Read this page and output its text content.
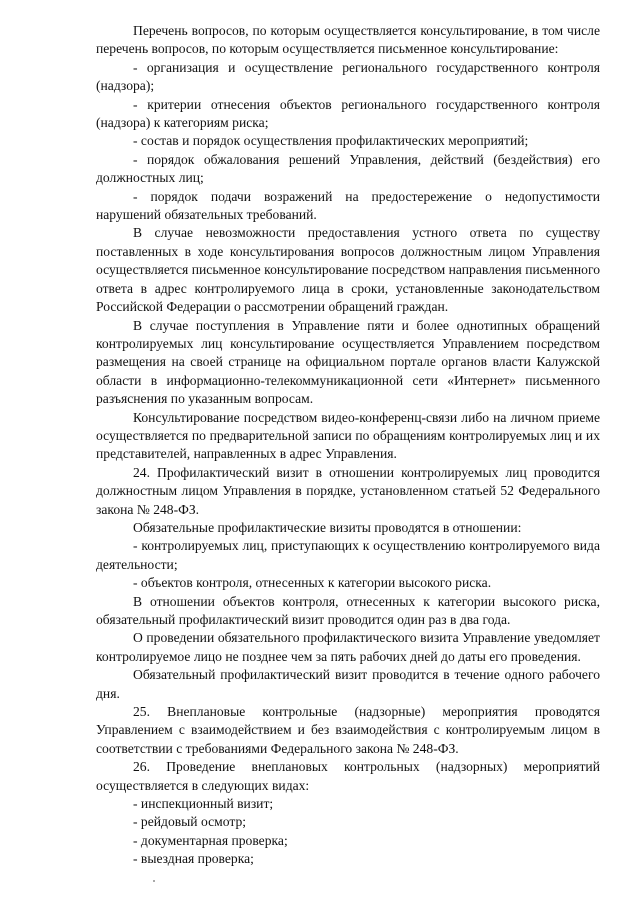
Перечень вопросов, по которым осуществляется консультирование, в том числе перечень вопросов, по которым осуществляется письменное консультирование:

- организация и осуществление регионального государственного контроля (надзора);

- критерии отнесения объектов регионального государственного контроля (надзора) к категориям риска;

- состав и порядок осуществления профилактических мероприятий;

- порядок обжалования решений Управления, действий (бездействия) его должностных лиц;

- порядок подачи возражений на предостережение о недопустимости нарушений обязательных требований.

В случае невозможности предоставления устного ответа по существу поставленных в ходе консультирования вопросов должностным лицом Управления осуществляется письменное консультирование посредством направления письменного ответа в адрес контролируемого лица в сроки, установленные законодательством Российской Федерации о рассмотрении обращений граждан.

В случае поступления в Управление пяти и более однотипных обращений контролируемых лиц консультирование осуществляется Управлением посредством размещения на своей странице на официальном портале органов власти Калужской области в информационно-телекоммуникационной сети «Интернет» письменного разъяснения по указанным вопросам.

Консультирование посредством видео-конференц-связи либо на личном приеме осуществляется по предварительной записи по обращениям контролируемых лиц и их представителей, направленных в адрес Управления.

24. Профилактический визит в отношении контролируемых лиц проводится должностным лицом Управления в порядке, установленном статьей 52 Федерального закона № 248-ФЗ.

Обязательные профилактические визиты проводятся в отношении:

- контролируемых лиц, приступающих к осуществлению контролируемого вида деятельности;

- объектов контроля, отнесенных к категории высокого риска.

В отношении объектов контроля, отнесенных к категории высокого риска, обязательный профилактический визит проводится один раз в два года.

О проведении обязательного профилактического визита Управление уведомляет контролируемое лицо не позднее чем за пять рабочих дней до даты его проведения.

Обязательный профилактический визит проводится в течение одного рабочего дня.

25. Внеплановые контрольные (надзорные) мероприятия проводятся Управлением с взаимодействием и без взаимодействия с контролируемым лицом в соответствии с требованиями Федерального закона № 248-ФЗ.

26. Проведение внеплановых контрольных (надзорных) мероприятий осуществляется в следующих видах:

- инспекционный визит;

- рейдовый осмотр;

- документарная проверка;

- выездная проверка;
